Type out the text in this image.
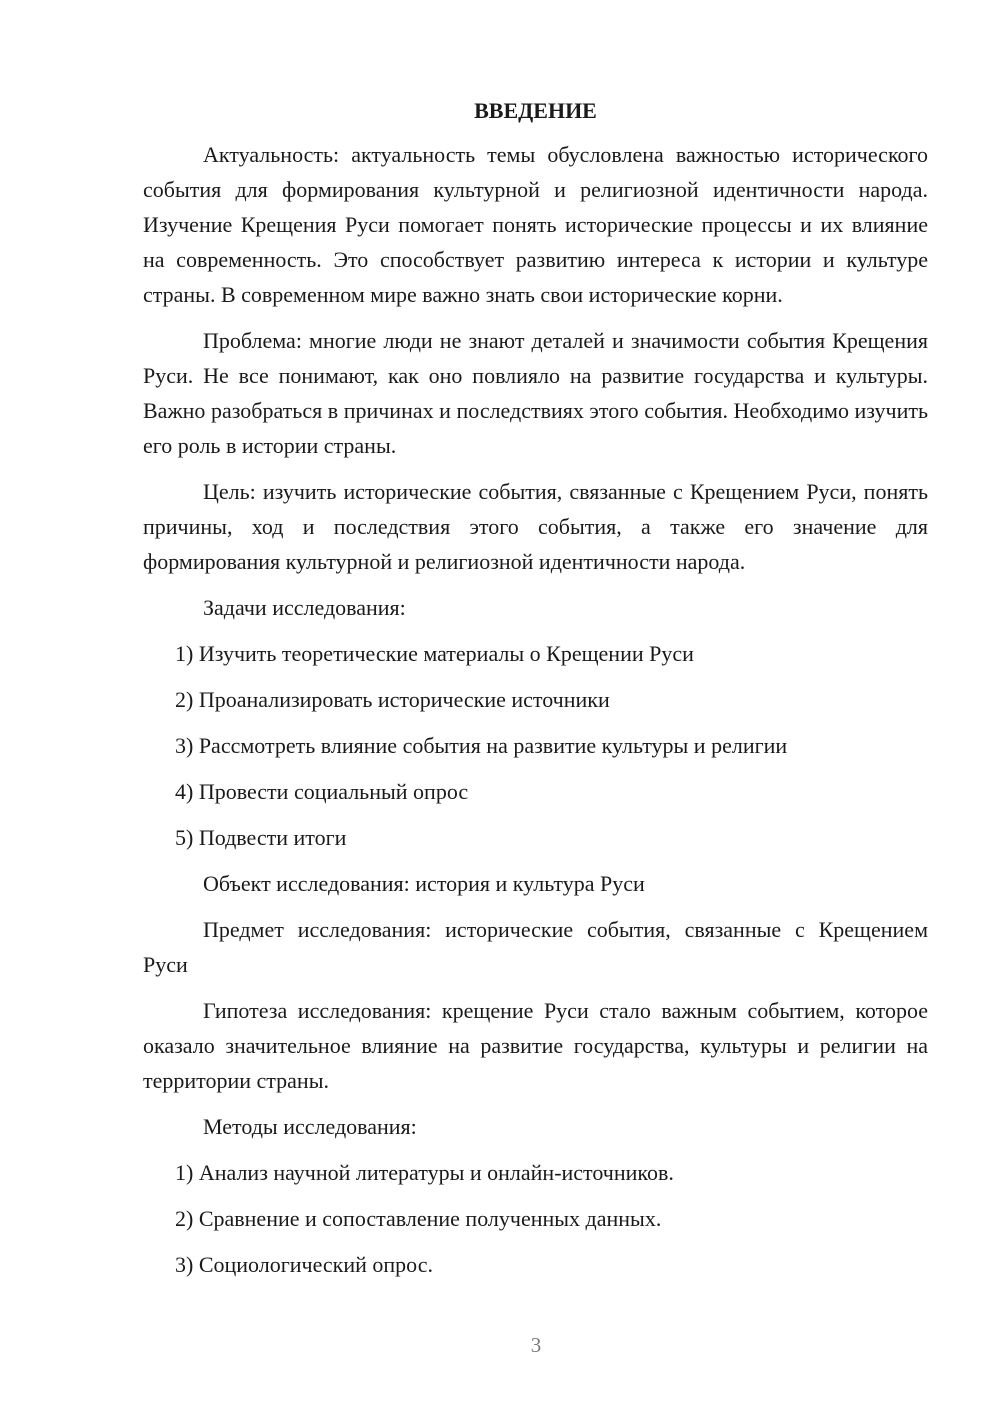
ВВЕДЕНИЕ

Актуальность: актуальность темы обусловлена важностью исторического события для формирования культурной и религиозной идентичности народа. Изучение Крещения Руси помогает понять исторические процессы и их влияние на современность. Это способствует развитию интереса к истории и культуре страны. В современном мире важно знать свои исторические корни.

Проблема: многие люди не знают деталей и значимости события Крещения Руси. Не все понимают, как оно повлияло на развитие государства и культуры. Важно разобраться в причинах и последствиях этого события. Необходимо изучить его роль в истории страны.

Цель: изучить исторические события, связанные с Крещением Руси, понять причины, ход и последствия этого события, а также его значение для формирования культурной и религиозной идентичности народа.

Задачи исследования:

1) Изучить теоретические материалы о Крещении Руси

2) Проанализировать исторические источники

3) Рассмотреть влияние события на развитие культуры и религии

4) Провести социальный опрос

5) Подвести итоги

Объект исследования: история и культура Руси

Предмет исследования: исторические события, связанные с Крещением Руси

Гипотеза исследования: крещение Руси стало важным событием, которое оказало значительное влияние на развитие государства, культуры и религии на территории страны.

Методы исследования:

1) Анализ научной литературы и онлайн-источников.

2) Сравнение и сопоставление полученных данных.

3) Социологический опрос.

3
